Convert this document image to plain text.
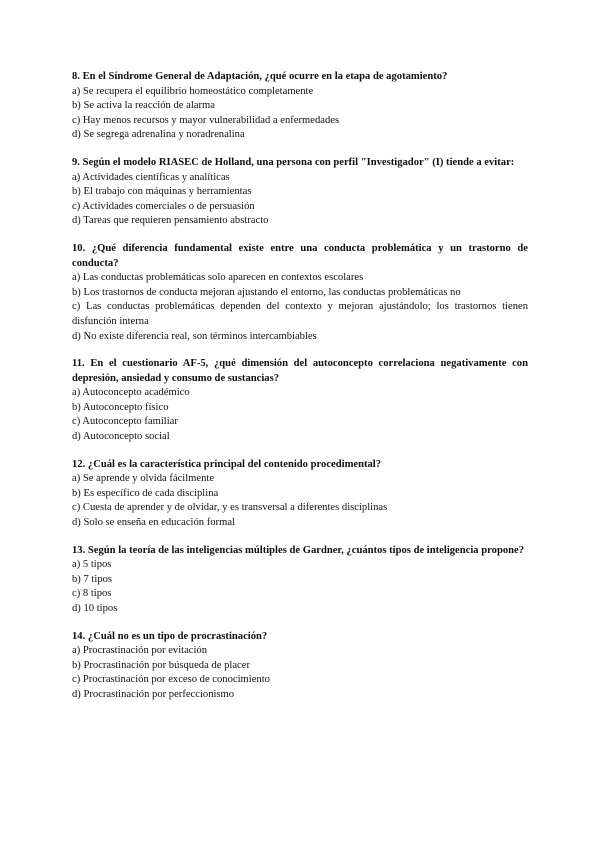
8. En el Síndrome General de Adaptación, ¿qué ocurre en la etapa de agotamiento?

a) Se recupera el equilibrio homeostático completamente

b) Se activa la reacción de alarma

c) Hay menos recursos y mayor vulnerabilidad a enfermedades

d) Se segrega adrenalina y noradrenalina

9. Según el modelo RIASEC de Holland, una persona con perfil "Investigador" (I) tiende a evitar:

a) Actividades científicas y analíticas

b) El trabajo con máquinas y herramientas

c) Actividades comerciales o de persuasión

d) Tareas que requieren pensamiento abstracto

10. ¿Qué diferencia fundamental existe entre una conducta problemática y un trastorno de conducta?

a) Las conductas problemáticas solo aparecen en contextos escolares

b) Los trastornos de conducta mejoran ajustando el entorno, las conductas problemáticas no

c) Las conductas problemáticas dependen del contexto y mejoran ajustándolo; los trastornos tienen disfunción interna

d) No existe diferencia real, son términos intercambiables

11. En el cuestionario AF-5, ¿qué dimensión del autoconcepto correlaciona negativamente con depresión, ansiedad y consumo de sustancias?

a) Autoconcepto académico

b) Autoconcepto físico

c) Autoconcepto familiar

d) Autoconcepto social

12. ¿Cuál es la característica principal del contenido procedimental?

a) Se aprende y olvida fácilmente

b) Es específico de cada disciplina

c) Cuesta de aprender y de olvidar, y es transversal a diferentes disciplinas

d) Solo se enseña en educación formal

13. Según la teoría de las inteligencias múltiples de Gardner, ¿cuántos tipos de inteligencia propone?

a) 5 tipos

b) 7 tipos

c) 8 tipos

d) 10 tipos

14. ¿Cuál no es un tipo de procrastinación?

a) Procrastinación por evitación

b) Procrastinación por búsqueda de placer

c) Procrastinación por exceso de conocimiento

d) Procrastinación por perfeccionismo
